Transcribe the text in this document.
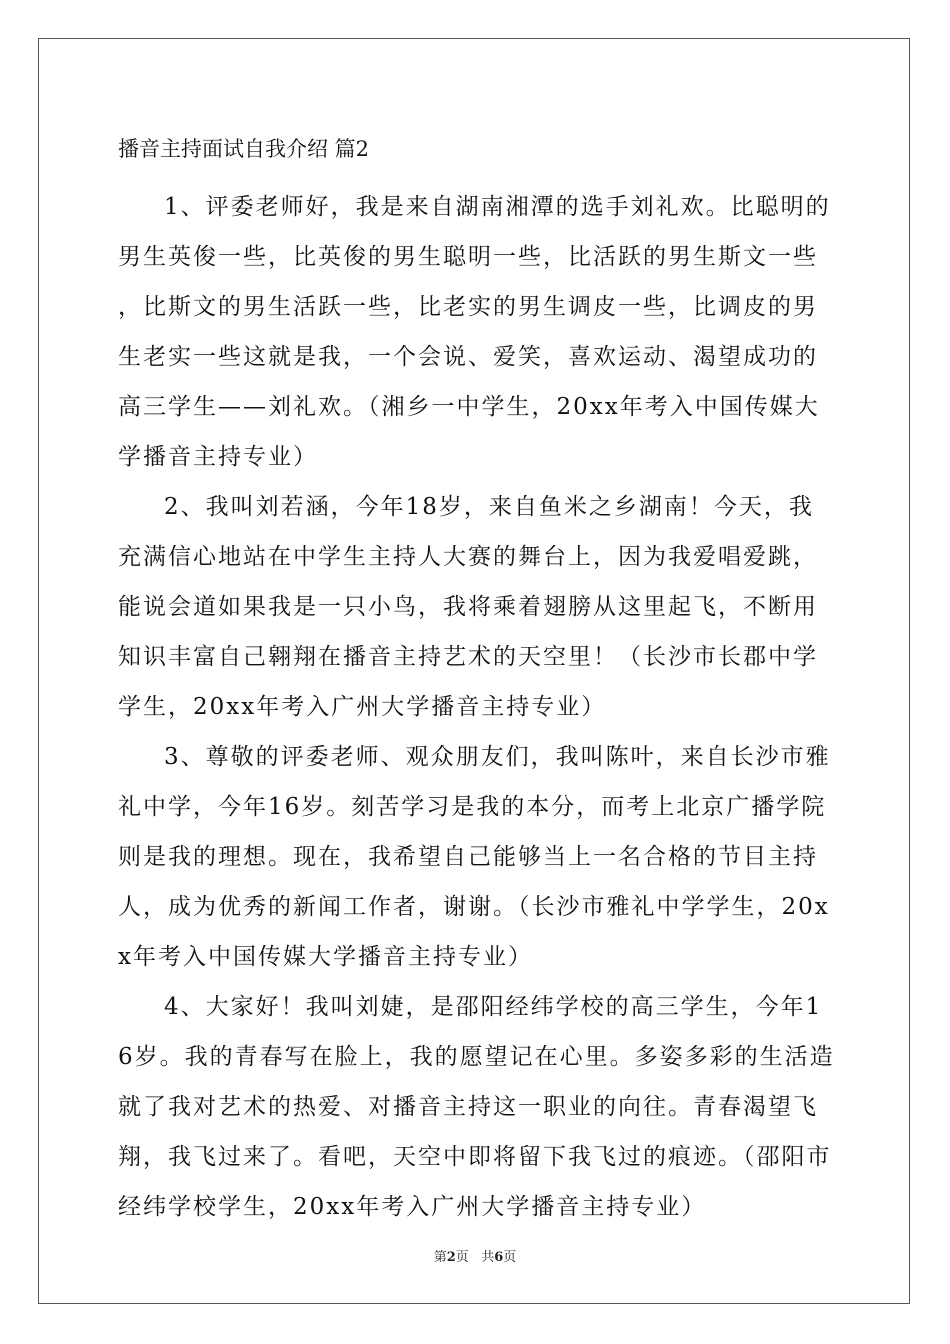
播音主持面试自我介绍 篇2

1、评委老师好，我是来自湖南湘潭的选手刘礼欢。比聪明的男生英俊一些，比英俊的男生聪明一些，比活跃的男生斯文一些，比斯文的男生活跃一些，比老实的男生调皮一些，比调皮的男生老实一些这就是我，一个会说、爱笑，喜欢运动、渴望成功的高三学生——刘礼欢。（湘乡一中学生，20xx年考入中国传媒大学播音主持专业）

2、我叫刘若涵，今年18岁，来自鱼米之乡湖南！今天，我充满信心地站在中学生主持人大赛的舞台上，因为我爱唱爱跳，能说会道如果我是一只小鸟，我将乘着翅膀从这里起飞，不断用知识丰富自己翱翔在播音主持艺术的天空里！（长沙市长郡中学学生，20xx年考入广州大学播音主持专业）

3、尊敬的评委老师、观众朋友们，我叫陈叶，来自长沙市雅礼中学，今年16岁。刻苦学习是我的本分，而考上北京广播学院则是我的理想。现在，我希望自己能够当上一名合格的节目主持人，成为优秀的新闻工作者，谢谢。（长沙市雅礼中学学生，20xx年考入中国传媒大学播音主持专业）

4、大家好！我叫刘婕，是邵阳经纬学校的高三学生，今年16岁。我的青春写在脸上，我的愿望记在心里。多姿多彩的生活造就了我对艺术的热爱、对播音主持这一职业的向往。青春渴望飞翔，我飞过来了。看吧，天空中即将留下我飞过的痕迹。（邵阳市经纬学校学生，20xx年考入广州大学播音主持专业）

第2页   共6页
